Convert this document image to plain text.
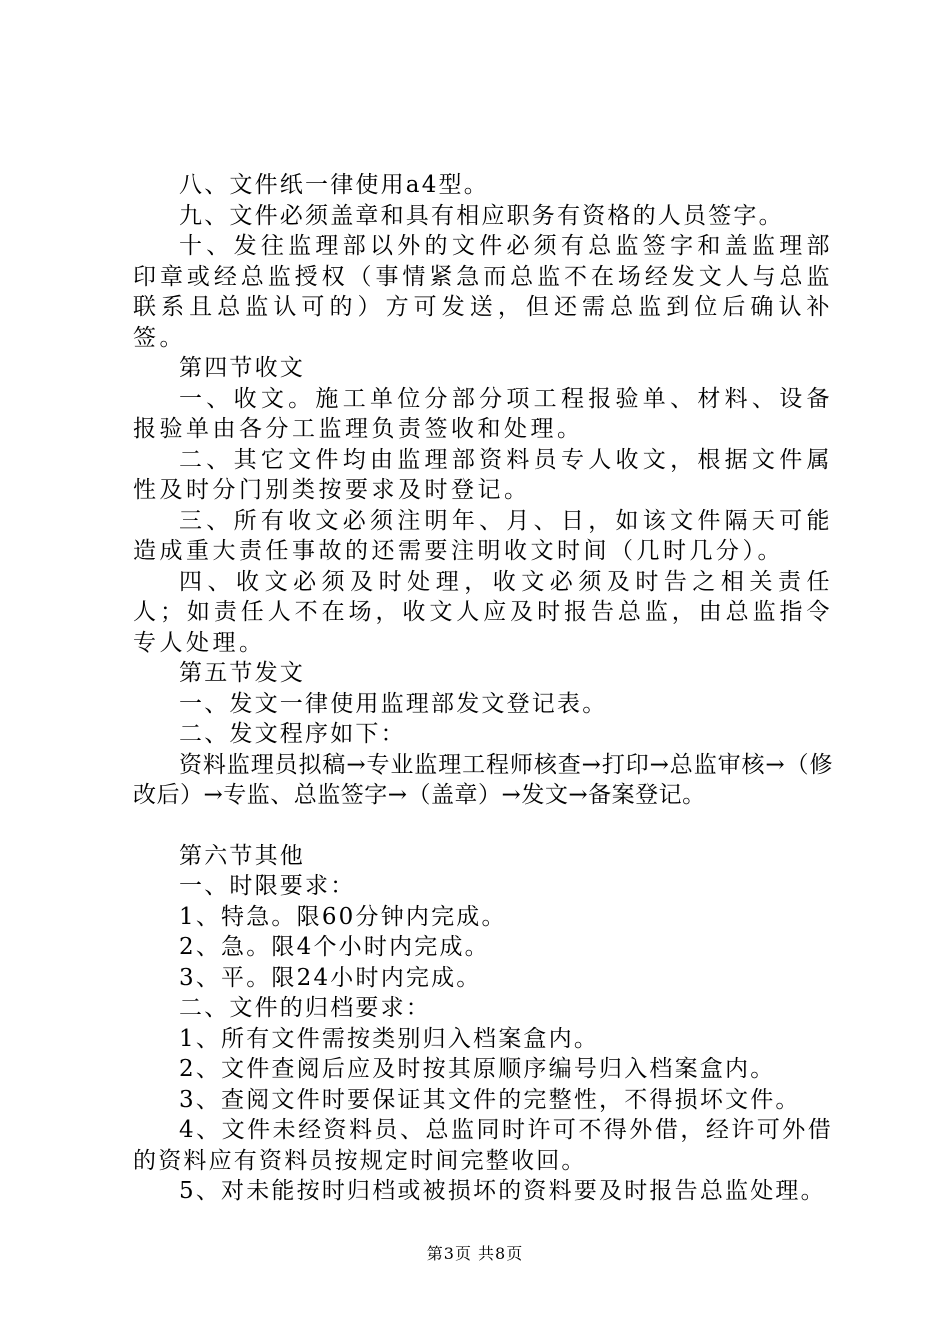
八、文件纸一律使用a4型。

九、文件必须盖章和具有相应职务有资格的人员签字。

十、发往监理部以外的文件必须有总监签字和盖监理部印章或经总监授权（事情紧急而总监不在场经发文人与总监联系且总监认可的）方可发送，但还需总监到位后确认补签。

第四节收文

一、收文。施工单位分部分项工程报验单、材料、设备报验单由各分工监理负责签收和处理。

二、其它文件均由监理部资料员专人收文，根据文件属性及时分门别类按要求及时登记。

三、所有收文必须注明年、月、日，如该文件隔天可能造成重大责任事故的还需要注明收文时间（几时几分）。

四、收文必须及时处理，收文必须及时告之相关责任人；如责任人不在场，收文人应及时报告总监，由总监指令专人处理。

第五节发文

一、发文一律使用监理部发文登记表。

二、发文程序如下：

资料监理员拟稿→专业监理工程师核查→打印→总监审核→（修改后）→专监、总监签字→（盖章）→发文→备案登记。

第六节其他

一、时限要求：

1、特急。限60分钟内完成。

2、急。限4个小时内完成。

3、平。限24小时内完成。

二、文件的归档要求：

1、所有文件需按类别归入档案盒内。

2、文件查阅后应及时按其原顺序编号归入档案盒内。

3、查阅文件时要保证其文件的完整性，不得损坏文件。

4、文件未经资料员、总监同时许可不得外借，经许可外借的资料应有资料员按规定时间完整收回。

5、对未能按时归档或被损坏的资料要及时报告总监处理。

第3页 共8页
